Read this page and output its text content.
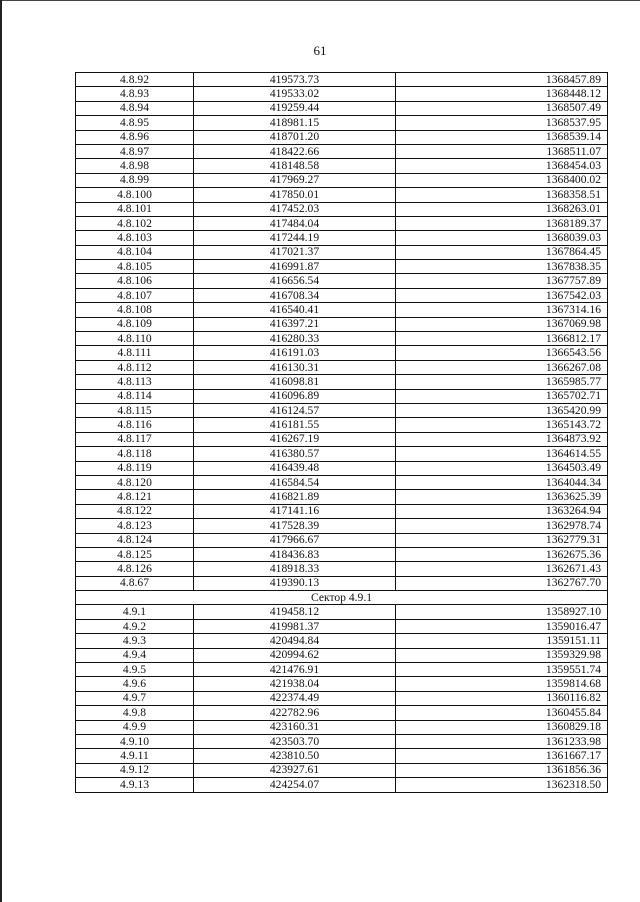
61
4.8.92	419573.73	1368457.89
4.8.93	419533.02	1368448.12
4.8.94	419259.44	1368507.49
4.8.95	418981.15	1368537.95
4.8.96	418701.20	1368539.14
4.8.97	418422.66	1368511.07
4.8.98	418148.58	1368454.03
4.8.99	417969.27	1368400.02
4.8.100	417850.01	1368358.51
4.8.101	417452.03	1368263.01
4.8.102	417484.04	1368189.37
4.8.103	417244.19	1368039.03
4.8.104	417021.37	1367864.45
4.8.105	416991.87	1367838.35
4.8.106	416656.54	1367757.89
4.8.107	416708.34	1367542.03
4.8.108	416540.41	1367314.16
4.8.109	416397.21	1367069.98
4.8.110	416280.33	1366812.17
4.8.111	416191.03	1366543.56
4.8.112	416130.31	1366267.08
4.8.113	416098.81	1365985.77
4.8.114	416096.89	1365702.71
4.8.115	416124.57	1365420.99
4.8.116	416181.55	1365143.72
4.8.117	416267.19	1364873.92
4.8.118	416380.57	1364614.55
4.8.119	416439.48	1364503.49
4.8.120	416584.54	1364044.34
4.8.121	416821.89	1363625.39
4.8.122	417141.16	1363264.94
4.8.123	417528.39	1362978.74
4.8.124	417966.67	1362779.31
4.8.125	418436.83	1362675.36
4.8.126	418918.33	1362671.43
4.8.67	419390.13	1362767.70
Сектор 4.9.1		
4.9.1	419458.12	1358927.10
4.9.2	419981.37	1359016.47
4.9.3	420494.84	1359151.11
4.9.4	420994.62	1359329.98
4.9.5	421476.91	1359551.74
4.9.6	421938.04	1359814.68
4.9.7	422374.49	1360116.82
4.9.8	422782.96	1360455.84
4.9.9	423160.31	1360829.18
4.9.10	423503.70	1361233.98
4.9.11	423810.50	1361667.17
4.9.12	423927.61	1361856.36
4.9.13	424254.07	1362318.50
